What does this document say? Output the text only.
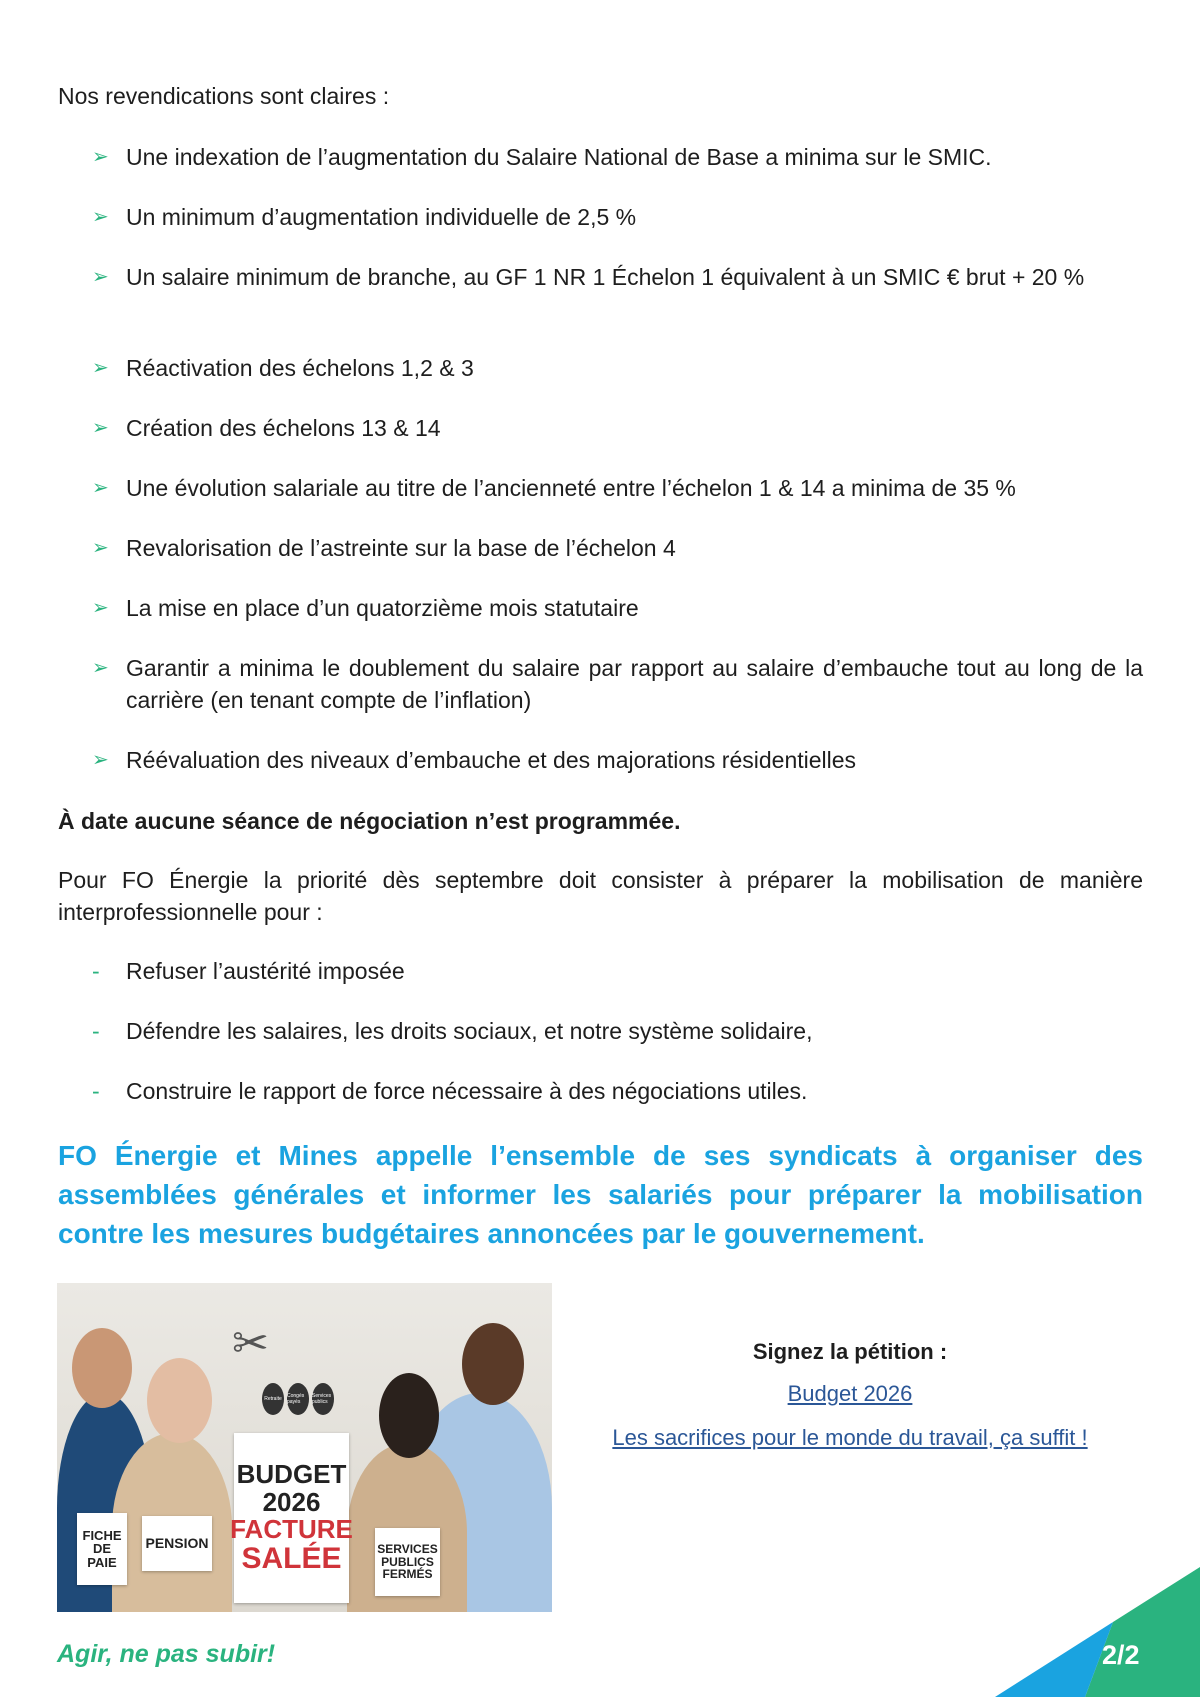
Nos revendications sont claires :
➢ Une indexation de l’augmentation du Salaire National de Base a minima sur le SMIC.
➢ Un minimum d’augmentation individuelle de 2,5 %
➢ Un salaire minimum de branche, au GF 1 NR 1 Échelon 1 équivalent à un SMIC € brut + 20 %
➢ Réactivation des échelons 1,2 & 3
➢ Création des échelons 13 & 14
➢ Une évolution salariale au titre de l’ancienneté entre l’échelon 1 & 14 a minima de 35 %
➢ Revalorisation de l’astreinte sur la base de l’échelon 4
➢ La mise en place d’un quatorzième mois statutaire
➢ Garantir a minima le doublement du salaire par rapport au salaire d’embauche tout au long de la carrière (en tenant compte de l’inflation)
➢ Réévaluation des niveaux d’embauche et des majorations résidentielles
À date aucune séance de négociation n’est programmée.
Pour FO Énergie la priorité dès septembre doit consister à préparer la mobilisation de manière interprofessionnelle pour :
- Refuser l’austérité imposée
- Défendre les salaires, les droits sociaux, et notre système solidaire,
- Construire le rapport de force nécessaire à des négociations utiles.
FO Énergie et Mines appelle l’ensemble de ses syndicats à organiser des assemblées générales et informer les salariés pour préparer la mobilisation contre les mesures budgétaires annoncées par le gouvernement.
✂
Retraite	Congés payés
Services publics
BUDGET
2026
FACTURE
SALÉE
FICHE DE PAIE
PENSION	SERVICES PUBLICS FERMÉS
Signez la pétition :
Budget 2026
Les sacrifices pour le monde du travail, ça suffit !
Agir, ne pas subir!	2/2
